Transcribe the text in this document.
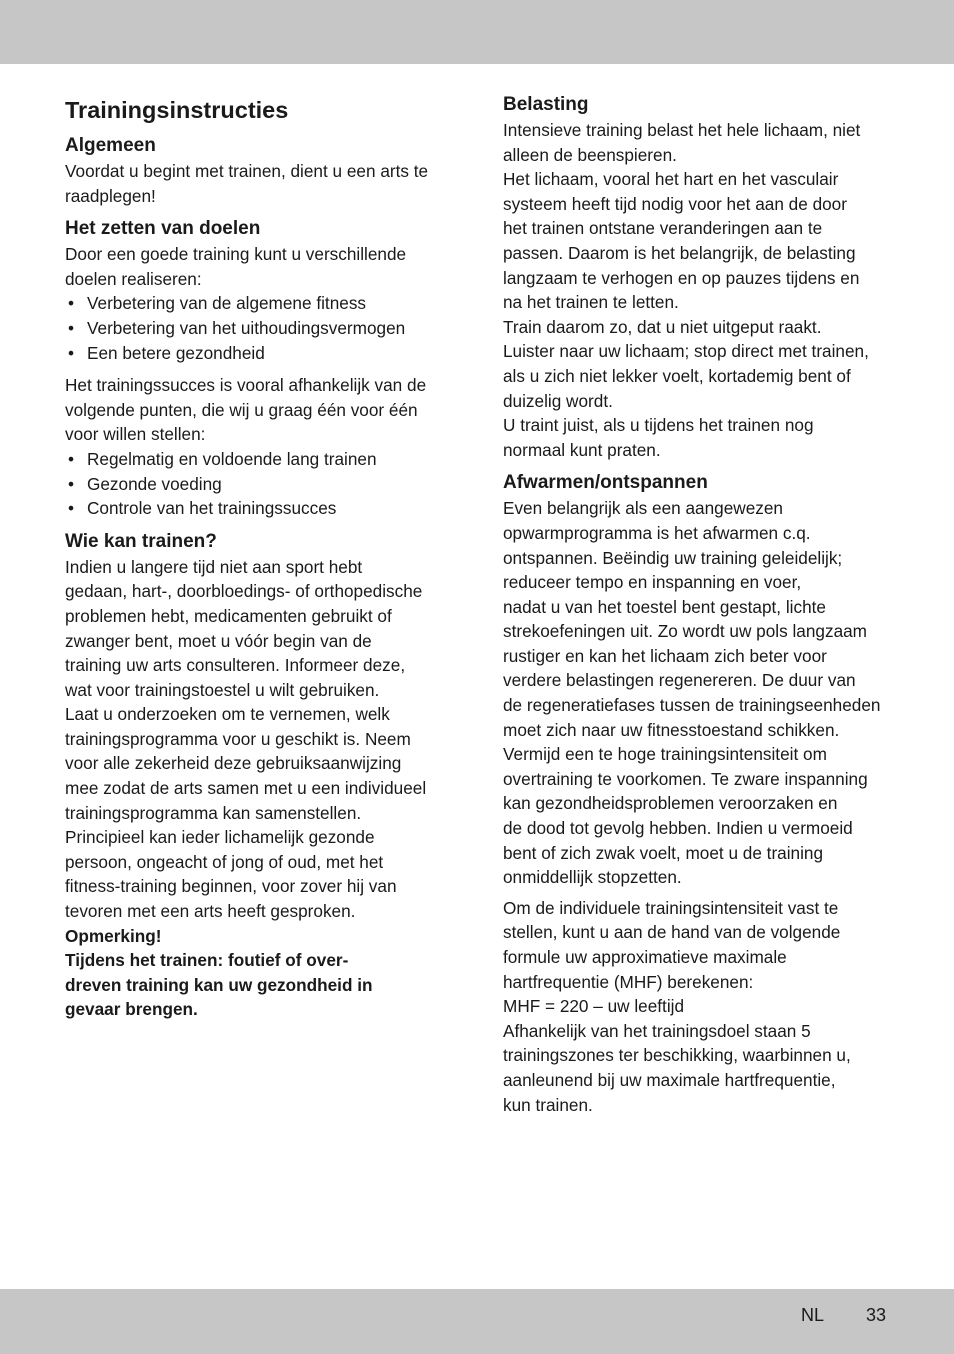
Trainingsinstructies
Algemeen

Voordat u begint met trainen, dient u een arts te

raadplegen!

Het zetten van doelen

Door een goede training kunt u verschillende

doelen realiseren:

• Verbetering van de algemene fitness
• Verbetering van het uithoudingsvermogen
• Een betere gezondheid

Het trainingssucces is vooral afhankelijk van de

volgende punten, die wij u graag één voor één

voor willen stellen:

• Regelmatig en voldoende lang trainen
• Gezonde voeding
• Controle van het trainingssucces
Wie kan trainen?

Indien u langere tijd niet aan sport hebt

gedaan, hart-, doorbloedings- of orthopedische

problemen hebt, medicamenten gebruikt of

zwanger bent, moet u vóór begin van de

training uw arts consulteren. Informeer deze,

wat voor trainingstoestel u wilt gebruiken.

Laat u onderzoeken om te vernemen, welk

trainingsprogramma voor u geschikt is. Neem

voor alle zekerheid deze gebruiksaanwijzing

mee zodat de arts samen met u een individueel

trainingsprogramma kan samenstellen.

Principieel kan ieder lichamelijk gezonde

persoon, ongeacht of jong of oud, met het

fitness-training beginnen, voor zover hij van

tevoren met een arts heeft gesproken.

Opmerking!

Tijdens het trainen: foutief of over-

dreven training kan uw gezondheid in

gevaar brengen.

Belasting

Intensieve training belast het hele lichaam, niet

alleen de beenspieren.

Het lichaam, vooral het hart en het vasculair

systeem heeft tijd nodig voor het aan de door

het trainen ontstane veranderingen aan te

passen. Daarom is het belangrijk, de belasting

langzaam te verhogen en op pauzes tijdens en

na het trainen te letten.

Train daarom zo, dat u niet uitgeput raakt.

Luister naar uw lichaam; stop direct met trainen,

als u zich niet lekker voelt, kortademig bent of

duizelig wordt.

U traint juist, als u tijdens het trainen nog

normaal kunt praten.

Afwarmen/ontspannen

Even belangrijk als een aangewezen

opwarmprogramma is het afwarmen c.q.

ontspannen. Beëindig uw training geleidelijk;

reduceer tempo en inspanning en voer,

nadat u van het toestel bent gestapt, lichte

strekoefeningen uit. Zo wordt uw pols langzaam

rustiger en kan het lichaam zich beter voor

verdere belastingen regenereren. De duur van

de regeneratiefases tussen de trainingseenheden

moet zich naar uw fitnesstoestand schikken.

Vermijd een te hoge trainingsintensiteit om

overtraining te voorkomen. Te zware inspanning

kan gezondheidsproblemen veroorzaken en

de dood tot gevolg hebben. Indien u vermoeid

bent of zich zwak voelt, moet u de training

onmiddellijk stopzetten.

Om de individuele trainingsintensiteit vast te

stellen, kunt u aan de hand van de volgende

formule uw approximatieve maximale

hartfrequentie (MHF) berekenen:

MHF = 220 – uw leeftijd

Afhankelijk van het trainingsdoel staan 5

trainingszones ter beschikking, waarbinnen u,

aanleunend bij uw maximale hartfrequentie,

kun trainen.

NL 33
